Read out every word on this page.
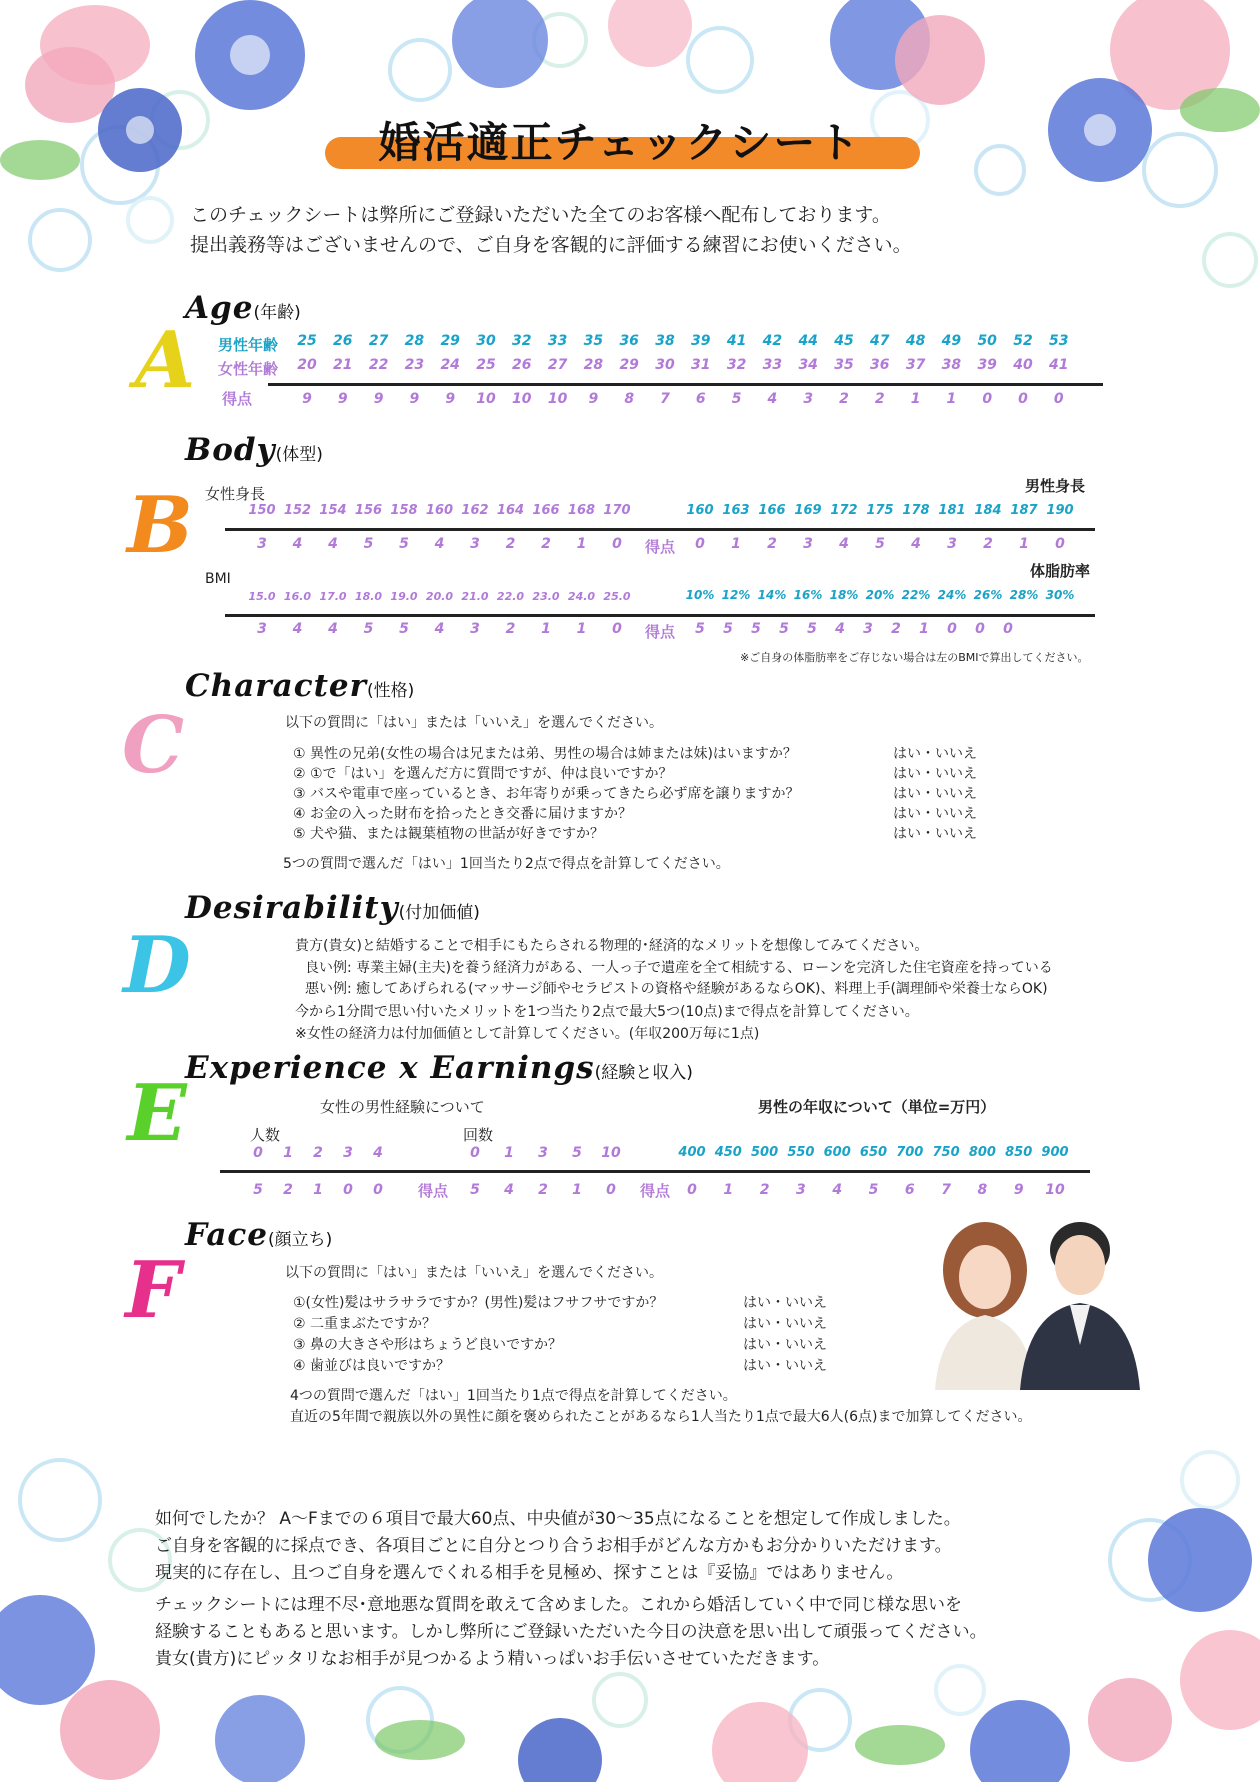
婚活適正チェックシート
このチェックシートは弊所にご登録いただいた全てのお客様へ配布しております。
提出義務等はございませんので、ご自身を客観的に評価する練習にお使いください。
Age(年齢)
A	男性年齢
女性年齢
得点
25	26	27	28	29	30	32	33	35	36	38	39	41	42	44	45	47	48	49	50	52	53
20	21	22	23	24	25	26	27	28	29	30	31	32	33	34	35	36	37	38	39	40	41
9	9	9	9	9	10	10	10	9	8	7	6	5	4	3	2	2	1	1	0	0	0
Body(体型)
B 女性身長	男性身長
得点
150 152 154 156 158 160 162 164 166 168 170
3	4	4	5	5	4	3	2	2	1	0
160 163 166 169 172 175 178 181 184 187 190
0	1	2	3	4	5	4	3	2	1	0
BMI	体脂肪率
得点
15.0 16.0 17.0 18.0 19.0 20.0 21.0 22.0 23.0 24.0 25.0
3	4	4	5	5	4	3	2	1	1	0
10% 12% 14% 16% 18% 20% 22% 24% 26% 28% 30%
5	5	5	5	5	4	3	2	1	0	0	0
※ご自身の体脂肪率をご存じない場合は左のBMIで算出してください。
Character(性格)
C	以下の質問に「はい」または「いいえ」を選んでください。
① 異性の兄弟(女性の場合は兄または弟、男性の場合は姉または妹)はいますか？
② ①で「はい」を選んだ方に質問ですが、仲は良いですか？
③ バスや電車で座っているとき、お年寄りが乗ってきたら必ず席を譲りますか？
④ お金の入った財布を拾ったとき交番に届けますか？
⑤ 犬や猫、または観葉植物の世話が好きですか？
はい・いいえ
はい・いいえ
はい・いいえ
はい・いいえ
はい・いいえ
5つの質問で選んだ「はい」1回当たり2点で得点を計算してください。
Desirability(付加価値)
D	貴方(貴女)と結婚することで相手にもたらされる物理的･経済的なメリットを想像してみてください。
良い例: 専業主婦(主夫)を養う経済力がある、一人っ子で遺産を全て相続する、ローンを完済した住宅資産を持っている
悪い例: 癒してあげられる(マッサージ師やセラピストの資格や経験があるならOK)、料理上手(調理師や栄養士ならOK)
今から1分間で思い付いたメリットを1つ当たり2点で最大5つ(10点)まで得点を計算してください。
※女性の経済力は付加価値として計算してください。(年収200万毎に1点)
Experience x Earnings(経験と収入)
E	女性の男性経験について	男性の年収について（単位=万円）
人数	回数
得点	得点
0	1	2	3	4
5	2	1	0	0
0	1	3	5	10
5	4	2	1	0
400 450 500 550 600 650 700 750 800 850 900
0	1	2	3	4	5	6	7	8	9	10
Face(顔立ち)
F	以下の質問に「はい」または「いいえ」を選んでください。
①(女性)髪はサラサラですか？(男性)髪はフサフサですか？
② 二重まぶたですか？
③ 鼻の大きさや形はちょうど良いですか？
④ 歯並びは良いですか？
はい・いいえ
はい・いいえ
はい・いいえ
はい・いいえ
4つの質問で選んだ「はい」1回当たり1点で得点を計算してください。
直近の5年間で親族以外の異性に顔を褒められたことがあるなら1人当たり1点で最大6人(6点)まで加算してください。
如何でしたか？ A〜Fまでの６項目で最大60点、中央値が30〜35点になることを想定して作成しました。
ご自身を客観的に採点でき、各項目ごとに自分とつり合うお相手がどんな方かもお分かりいただけます。
現実的に存在し、且つご自身を選んでくれる相手を見極め、探すことは『妥協』ではありません。
チェックシートには理不尽･意地悪な質問を敢えて含めました。これから婚活していく中で同じ様な思いを
経験することもあると思います。しかし弊所にご登録いただいた今日の決意を思い出して頑張ってください。
貴女(貴方)にピッタリなお相手が見つかるよう精いっぱいお手伝いさせていただきます。
